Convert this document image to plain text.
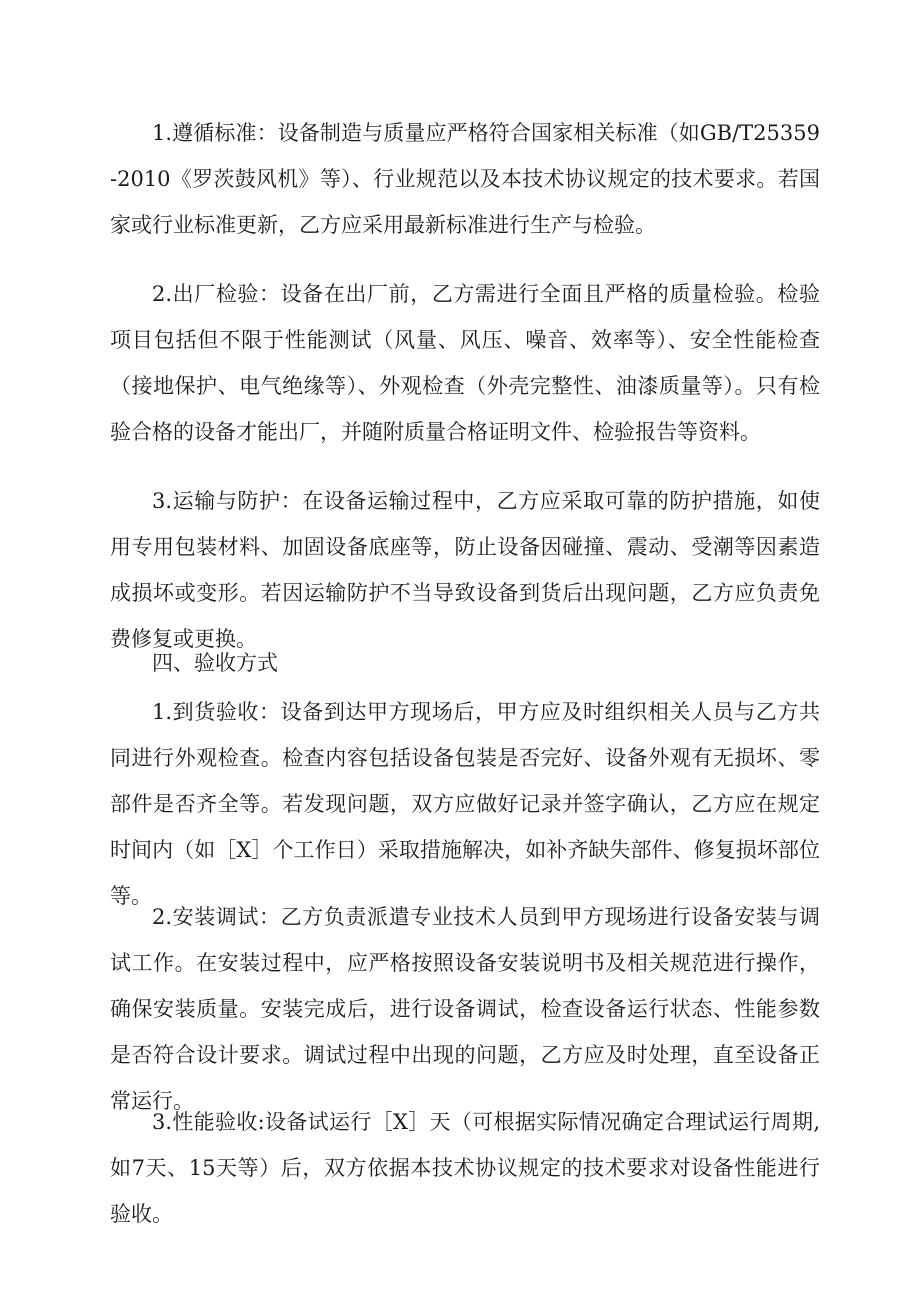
1.遵循标准：设备制造与质量应严格符合国家相关标准（如GB/T25359-2010《罗茨鼓风机》等）、行业规范以及本技术协议规定的技术要求。若国家或行业标准更新，乙方应采用最新标准进行生产与检验。

2.出厂检验：设备在出厂前，乙方需进行全面且严格的质量检验。检验项目包括但不限于性能测试（风量、风压、噪音、效率等）、安全性能检查（接地保护、电气绝缘等）、外观检查（外壳完整性、油漆质量等）。只有检验合格的设备才能出厂，并随附质量合格证明文件、检验报告等资料。

3.运输与防护：在设备运输过程中，乙方应采取可靠的防护措施，如使用专用包装材料、加固设备底座等，防止设备因碰撞、震动、受潮等因素造成损坏或变形。若因运输防护不当导致设备到货后出现问题，乙方应负责免费修复或更换。

四、验收方式

1.到货验收：设备到达甲方现场后，甲方应及时组织相关人员与乙方共同进行外观检查。检查内容包括设备包装是否完好、设备外观有无损坏、零部件是否齐全等。若发现问题，双方应做好记录并签字确认，乙方应在规定时间内（如［X］个工作日）采取措施解决，如补齐缺失部件、修复损坏部位等。

2.安装调试：乙方负责派遣专业技术人员到甲方现场进行设备安装与调试工作。在安装过程中，应严格按照设备安装说明书及相关规范进行操作，确保安装质量。安装完成后，进行设备调试，检查设备运行状态、性能参数是否符合设计要求。调试过程中出现的问题，乙方应及时处理，直至设备正常运行。

3.性能验收:设备试运行［X］天（可根据实际情况确定合理试运行周期,如7天、15天等）后，双方依据本技术协议规定的技术要求对设备性能进行验收。
